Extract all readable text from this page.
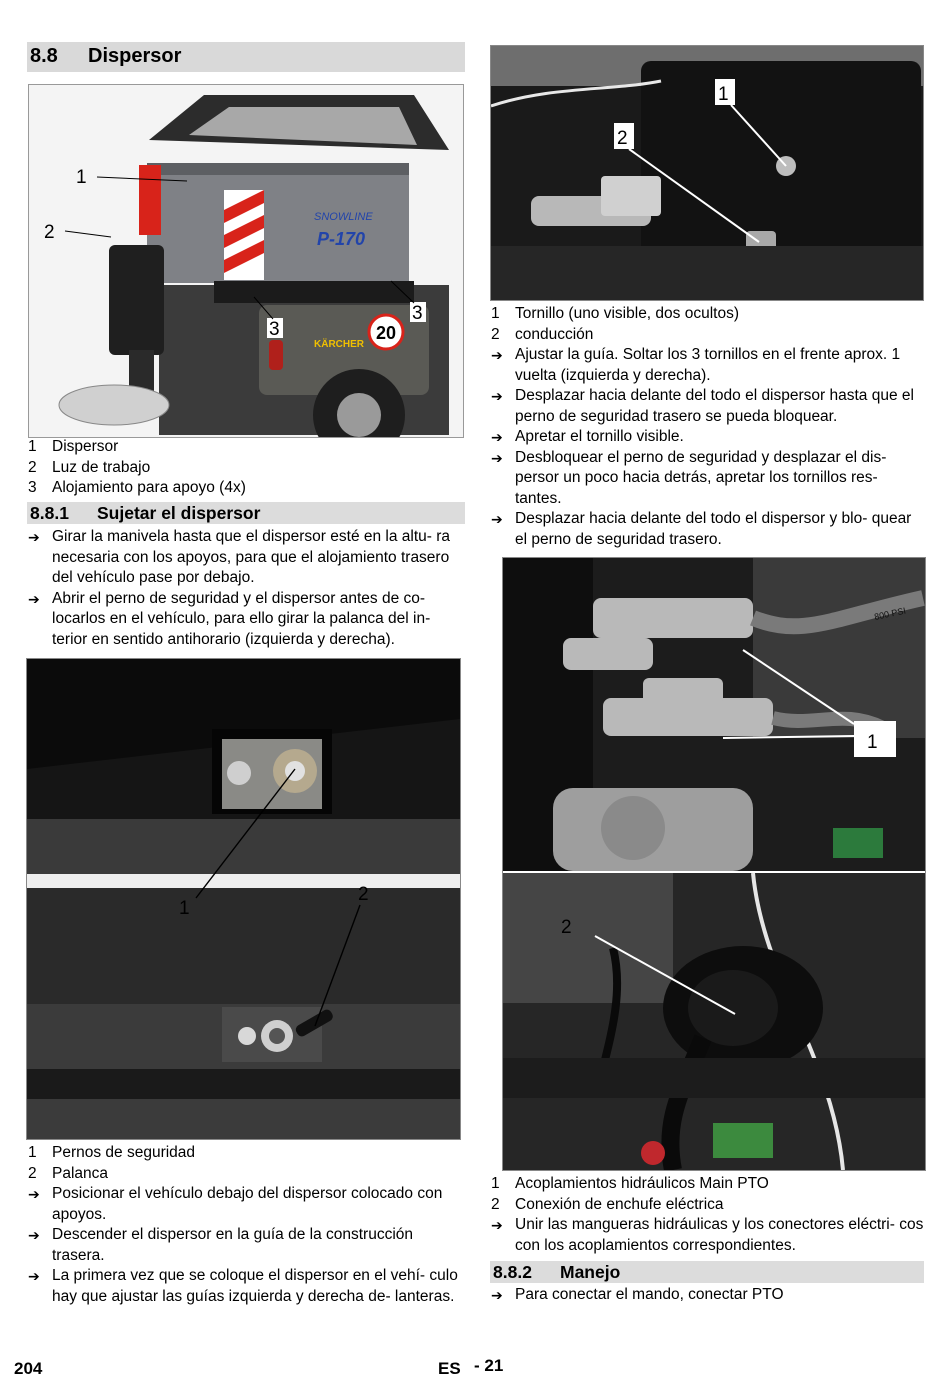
8.8 Dispersor
SNOWLINE
P-170
KÄRCHER
20
1
2
3
3
1 Dispersor
2 Luz de trabajo
3 Alojamiento para apoyo (4x)
8.8.1 Sujetar el dispersor
➔ Girar la manivela hasta que el dispersor esté en la altu- ra necesaria con los apoyos, para que el alojamiento trasero del vehículo pase por debajo.
➔ Abrir el perno de seguridad y el dispersor antes de co- locarlos en el vehículo, para ello girar la palanca del in- terior en sentido antihorario (izquierda y derecha).
1
2
1 Pernos de seguridad
2 Palanca
➔ Posicionar el vehículo debajo del dispersor colocado con apoyos.
➔ Descender el dispersor en la guía de la construcción trasera.
➔ La primera vez que se coloque el dispersor en el vehí- culo hay que ajustar las guías izquierda y derecha de- lanteras.
1
2
1 Tornillo (uno visible, dos ocultos)
2 conducción
➔ Ajustar la guía. Soltar los 3 tornillos en el frente aprox. 1 vuelta (izquierda y derecha).
➔ Desplazar hacia delante del todo el dispersor hasta que el perno de seguridad trasero se pueda bloquear.
➔ Apretar el tornillo visible.
➔ Desbloquear el perno de seguridad y desplazar el dis- persor un poco hacia detrás, apretar los tornillos res- tantes.
➔ Desplazar hacia delante del todo el dispersor y blo- quear el perno de seguridad trasero.
800 PSI
1
2
1 Acoplamientos hidráulicos Main PTO
2 Conexión de enchufe eléctrica
➔ Unir las mangueras hidráulicas y los conectores eléctri- cos con los acoplamientos correspondientes.
8.8.2 Manejo
➔ Para conectar el mando, conectar PTO
204	ES - 21
